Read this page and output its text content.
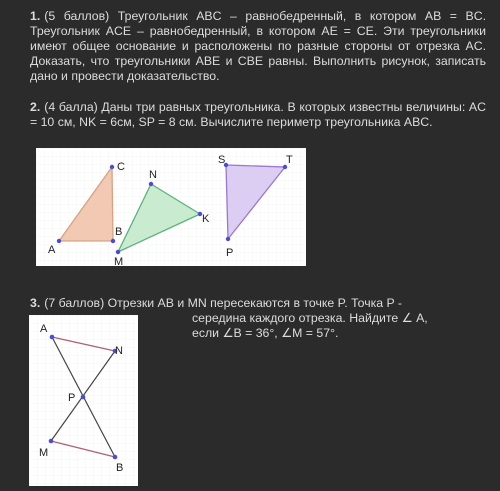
1. (5 баллов) Треугольник ABC – равнобедренный, в котором AB = BC. Треугольник ACE – равнобедренный, в котором AE = CE. Эти треугольники имеют общее основание и расположены по разные стороны от отрезка AC. Доказать, что треугольники ABE и CBE равны. Выполнить рисунок, записать дано и провести доказательство.
2. (4 балла) Даны три равных треугольника. В которых известны величины: AC = 10 см, NK = 6см, SP = 8 см. Вычислите периметр треугольника ABC.
A
B
C
N
K
M
S	T
P
3. (7 баллов) Отрезки AB и MN пересекаются в точке P. Точка P -
середина каждого отрезка. Найдите ∠ A,
если ∠B = 36°, ∠M = 57°.
A
N
P
M
B
